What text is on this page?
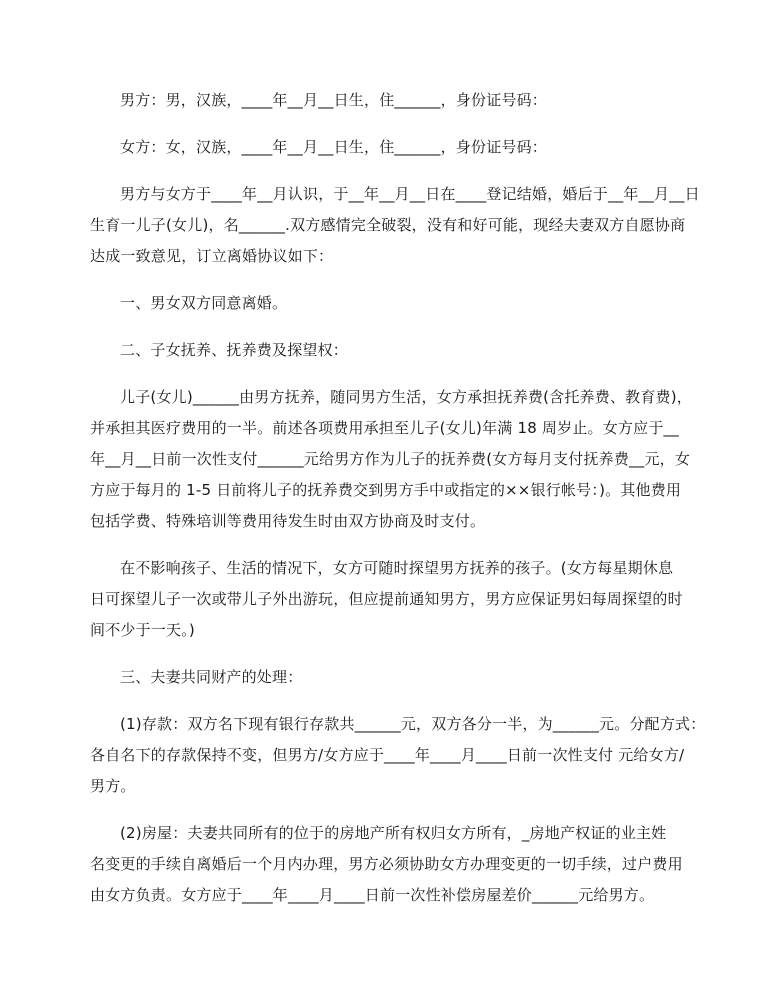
男方：男，汉族，____年__月__日生，住______，身份证号码：
女方：女，汉族，____年__月__日生，住______，身份证号码：
男方与女方于____年__月认识，于__年__月__日在____登记结婚，婚后于__年__月__日
生育一儿子(女儿)，名______.双方感情完全破裂，没有和好可能，现经夫妻双方自愿协商
达成一致意见，订立离婚协议如下：
一、男女双方同意离婚。
二、子女抚养、抚养费及探望权：
儿子(女儿)______由男方抚养，随同男方生活，女方承担抚养费(含托养费、教育费)，
并承担其医疗费用的一半。前述各项费用承担至儿子(女儿)年满 18 周岁止。女方应于__
年__月__日前一次性支付______元给男方作为儿子的抚养费(女方每月支付抚养费__元，女
方应于每月的 1-5 日前将儿子的抚养费交到男方手中或指定的××银行帐号：)。其他费用
包括学费、特殊培训等费用待发生时由双方协商及时支付。
在不影响孩子、生活的情况下，女方可随时探望男方抚养的孩子。(女方每星期休息
日可探望儿子一次或带儿子外出游玩，但应提前通知男方，男方应保证男妇每周探望的时
间不少于一天。)
三、夫妻共同财产的处理：
(1)存款：双方名下现有银行存款共______元，双方各分一半，为______元。分配方式：
各自名下的存款保持不变，但男方/女方应于____年____月____日前一次性支付 元给女方/
男方。
(2)房屋：夫妻共同所有的位于的房地产所有权归女方所有，_房地产权证的业主姓
名变更的手续自离婚后一个月内办理，男方必须协助女方办理变更的一切手续，过户费用
由女方负责。女方应于____年____月____日前一次性补偿房屋差价______元给男方。
